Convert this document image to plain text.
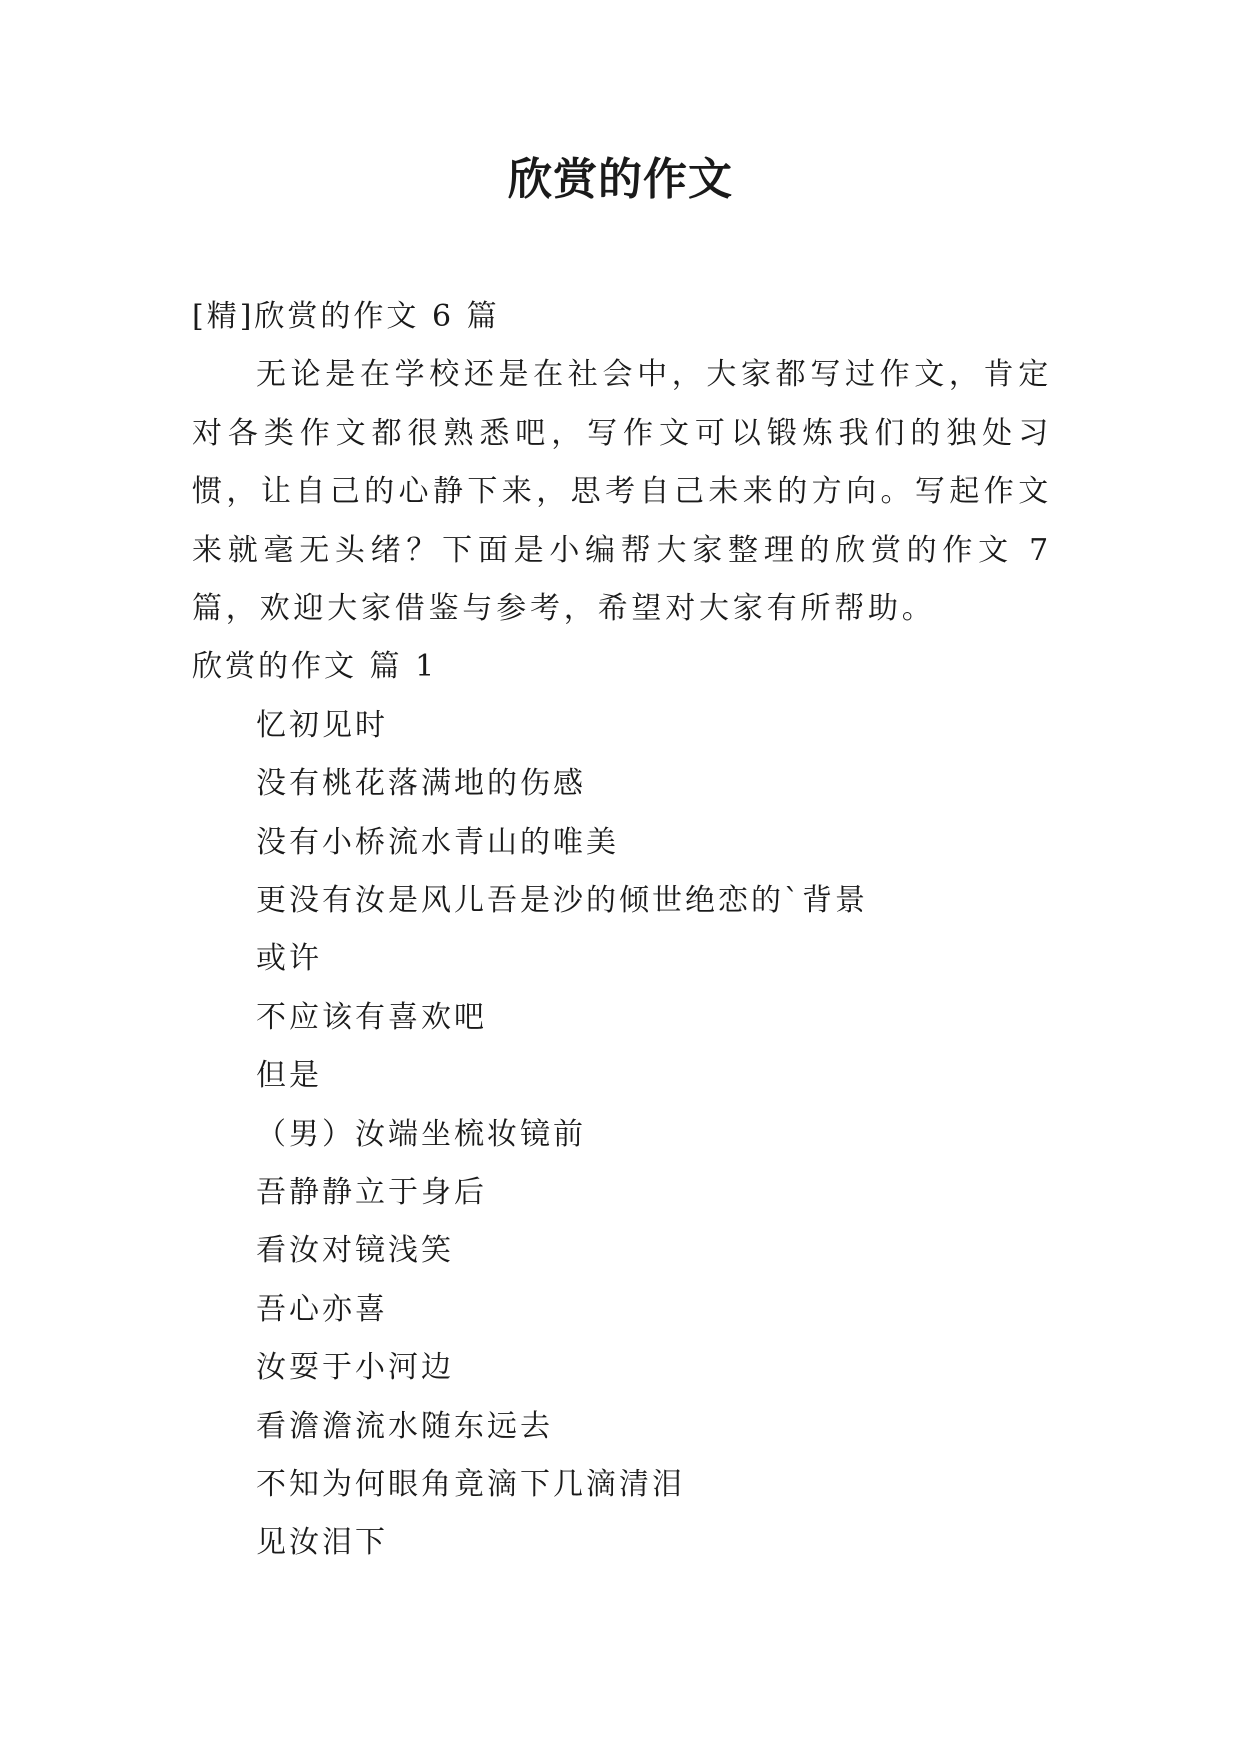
欣赏的作文

[精]欣赏的作文 6 篇

无论是在学校还是在社会中，大家都写过作文，肯定对各类作文都很熟悉吧，写作文可以锻炼我们的独处习惯，让自己的心静下来，思考自己未来的方向。写起作文来就毫无头绪？下面是小编帮大家整理的欣赏的作文 7 篇，欢迎大家借鉴与参考，希望对大家有所帮助。

欣赏的作文 篇 1

忆初见时

没有桃花落满地的伤感

没有小桥流水青山的唯美

更没有汝是风儿吾是沙的倾世绝恋的`背景

或许

不应该有喜欢吧

但是

（男）汝端坐梳妆镜前

吾静静立于身后

看汝对镜浅笑

吾心亦喜

汝耍于小河边

看澹澹流水随东远去

不知为何眼角竟滴下几滴清泪

见汝泪下
